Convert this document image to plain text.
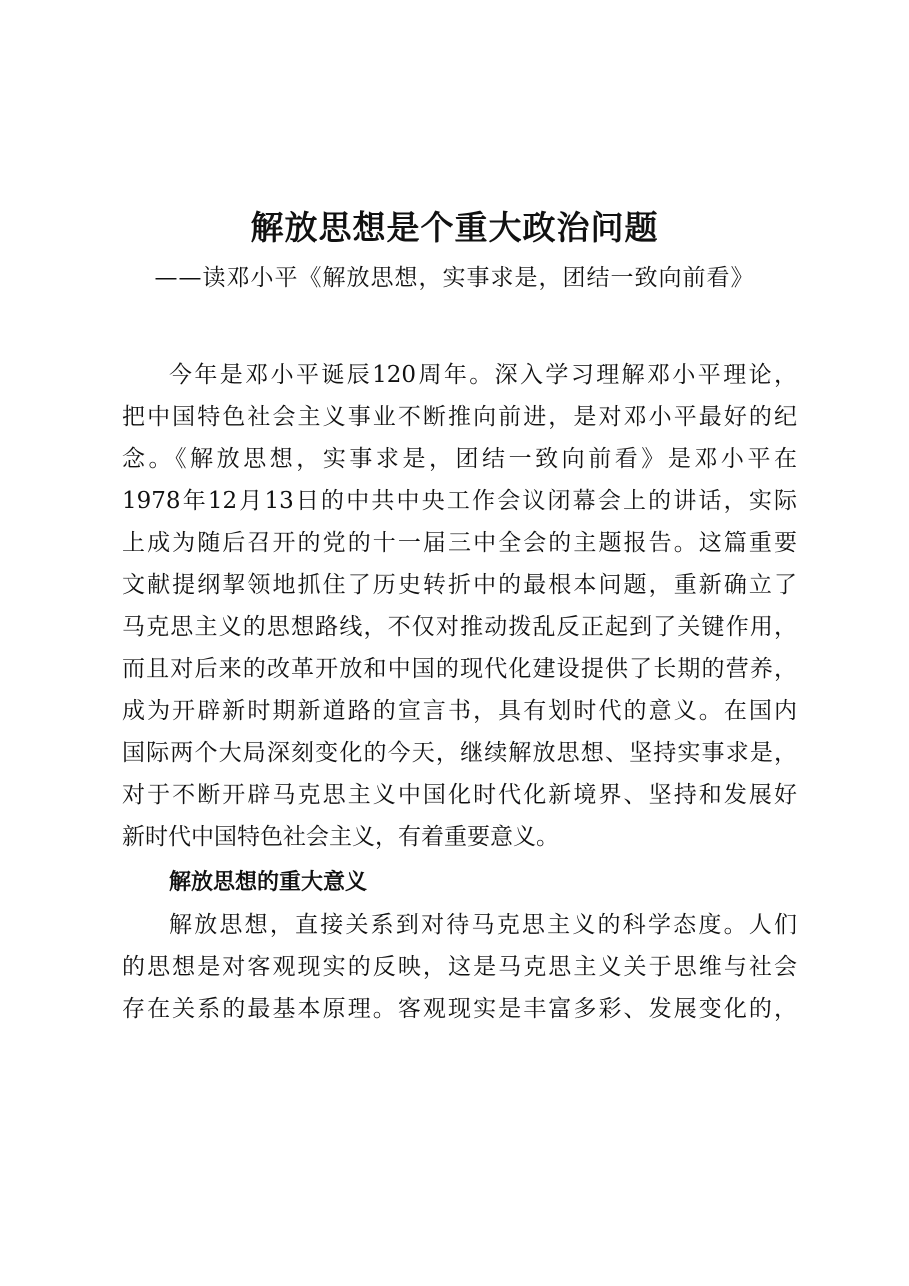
解放思想是个重大政治问题
——读邓小平《解放思想，实事求是，团结一致向前看》
今年是邓小平诞辰120周年。深入学习理解邓小平理论，
把中国特色社会主义事业不断推向前进，是对邓小平最好的纪
念。《解放思想，实事求是，团结一致向前看》是邓小平在
1978年12月13日的中共中央工作会议闭幕会上的讲话，实际
上成为随后召开的党的十一届三中全会的主题报告。这篇重要
文献提纲挈领地抓住了历史转折中的最根本问题，重新确立了
马克思主义的思想路线，不仅对推动拨乱反正起到了关键作用，
而且对后来的改革开放和中国的现代化建设提供了长期的营养，
成为开辟新时期新道路的宣言书，具有划时代的意义。在国内
国际两个大局深刻变化的今天，继续解放思想、坚持实事求是，
对于不断开辟马克思主义中国化时代化新境界、坚持和发展好
新时代中国特色社会主义，有着重要意义。
解放思想的重大意义
解放思想，直接关系到对待马克思主义的科学态度。人们
的思想是对客观现实的反映，这是马克思主义关于思维与社会
存在关系的最基本原理。客观现实是丰富多彩、发展变化的，
